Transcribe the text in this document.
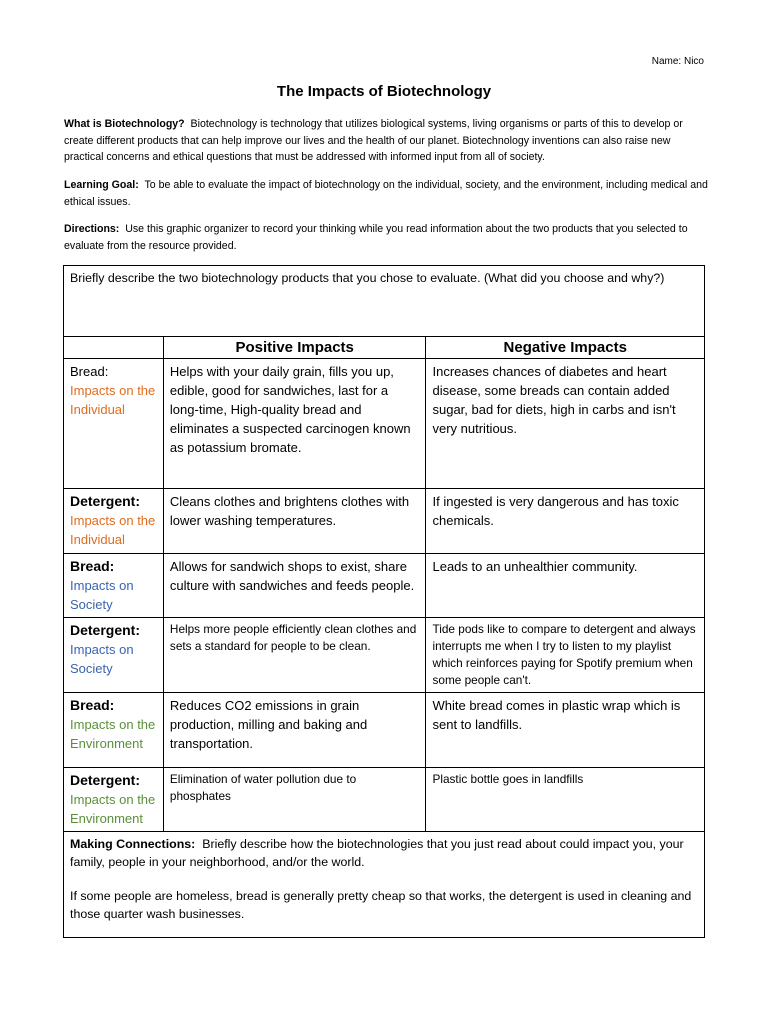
Name: Nico
The Impacts of Biotechnology
What is Biotechnology? Biotechnology is technology that utilizes biological systems, living organisms or parts of this to develop or create different products that can help improve our lives and the health of our planet. Biotechnology inventions can also raise new practical concerns and ethical questions that must be addressed with informed input from all of society.
Learning Goal: To be able to evaluate the impact of biotechnology on the individual, society, and the environment, including medical and ethical issues.
Directions: Use this graphic organizer to record your thinking while you read information about the two products that you selected to evaluate from the resource provided.
Briefly describe the two biotechnology products that you chose to evaluate. (What did you choose and why?)		

	Positive Impacts	Negative Impacts
Bread: Impacts on the Individual	Helps with your daily grain, fills you up, edible, good for sandwiches, last for a long-time, High-quality bread and eliminates a suspected carcinogen known as potassium bromate.	Increases chances of diabetes and heart disease, some breads can contain added sugar, bad for diets, high in carbs and isn't very nutritious.

Detergent:
Impacts on the Individual	Cleans clothes and brightens clothes with lower washing temperatures.	If ingested is very dangerous and has toxic chemicals.

Bread:
Impacts on Society	Allows for sandwich shops to exist, share culture with sandwiches and feeds people.	Leads to an unhealthier community.

Detergent:
Impacts on Society	Helps more people efficiently clean clothes and sets a standard for people to be clean.	Tide pods like to compare to detergent and always interrupts me when I try to listen to my playlist which reinforces paying for Spotify premium when some people can't.

Bread:
Impacts on the Environment	Reduces CO2 emissions in grain production, milling and baking and transportation.	White bread comes in plastic wrap which is sent to landfills.

Detergent:
Impacts on the Environment	Elimination of water pollution due to phosphates	Plastic bottle goes in landfills
Making Connections: Briefly describe how the biotechnologies that you just read about could impact you, your family, people in your neighborhood, and/or the world.
If some people are homeless, bread is generally pretty cheap so that works, the detergent is used in cleaning and those quarter wash businesses.		
